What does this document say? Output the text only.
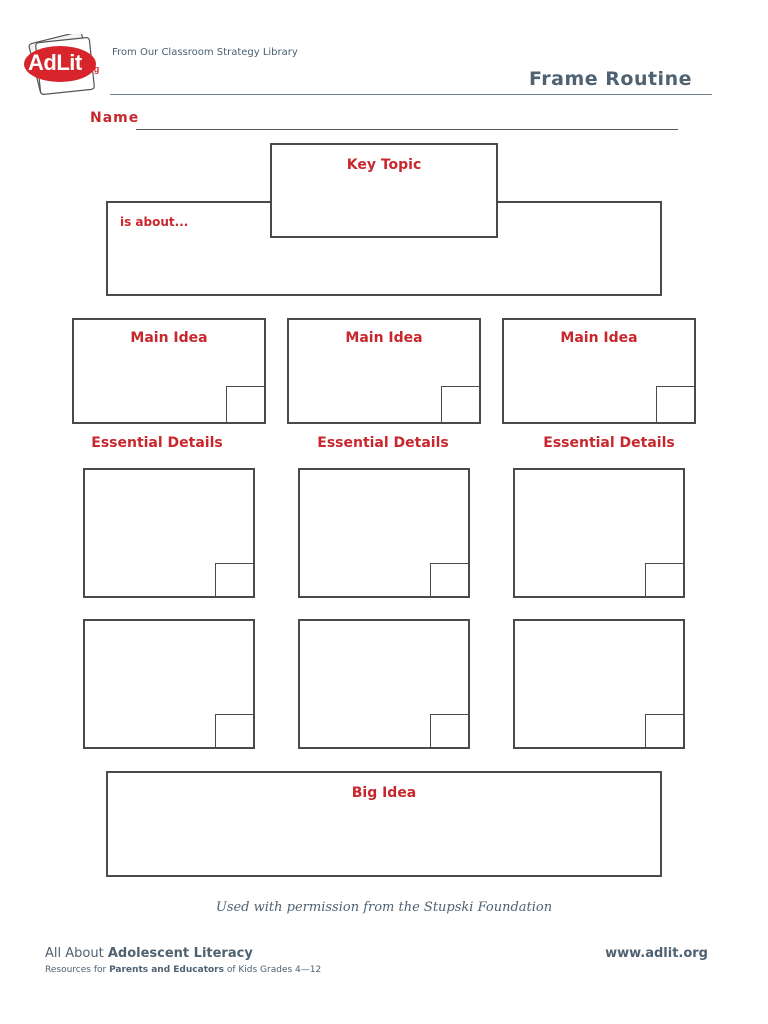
AdLit .org
From Our Classroom Strategy Library
Frame Routine
Name
is about...
Key Topic
Main Idea	Main Idea	Main Idea
Essential Details	Essential Details	Essential Details
Big Idea
Used with permission from the Stupski Foundation
All About Adolescent Literacy
Resources for Parents and Educators of Kids Grades 4—12
www.adlit.org
